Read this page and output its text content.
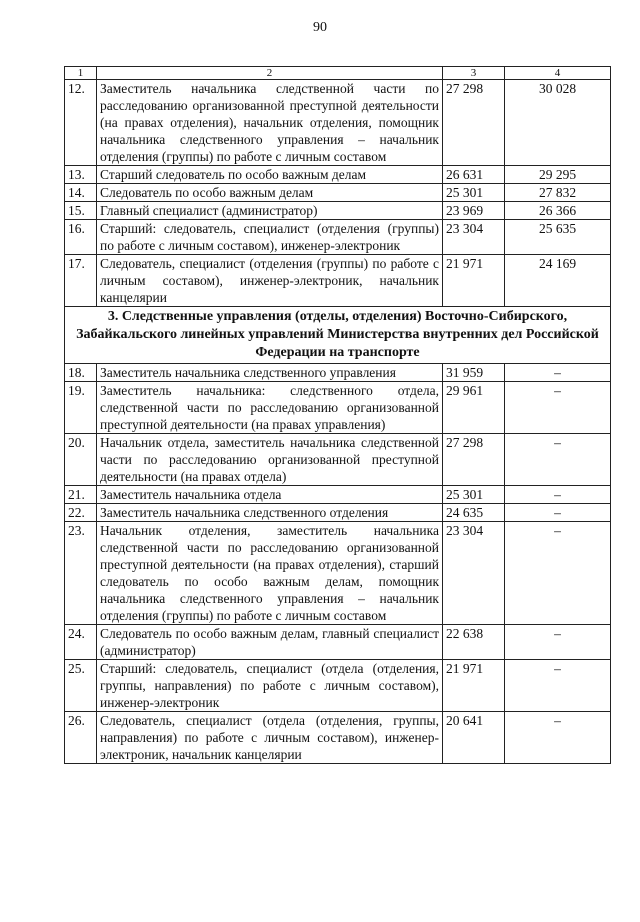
90
1	2	3	4
12.	Заместитель начальника следственной части по расследованию организованной преступной деятельности (на правах отделения), начальник отделения, помощник начальника следственного управления – начальник отделения (группы) по работе с личным составом	27 298	30 028
13.	Старший следователь по особо важным делам	26 631	29 295
14.	Следователь по особо важным делам	25 301	27 832
15.	Главный специалист (администратор)	23 969	26 366
16.	Старший: следователь, специалист (отделения (группы) по работе с личным составом), инженер-электроник	23 304	25 635
17.	Следователь, специалист (отделения (группы) по работе с личным составом), инженер-электроник, начальник канцелярии	21 971	24 169
3. Следственные управления (отделы, отделения) Восточно-Сибирского, Забайкальского линейных управлений Министерства внутренних дел Российской Федерации на транспорте			
18.	Заместитель начальника следственного управления	31 959	–
19.	Заместитель начальника: следственного отдела, следственной части по расследованию организованной преступной деятельности (на правах управления)	29 961	–
20.	Начальник отдела, заместитель начальника следственной части по расследованию организованной преступной деятельности (на правах отдела)	27 298	–
21.	Заместитель начальника отдела	25 301	–
22.	Заместитель начальника следственного отделения	24 635	–
23.	Начальник отделения, заместитель начальника следственной части по расследованию организованной преступной деятельности (на правах отделения), старший следователь по особо важным делам, помощник начальника следственного управления – начальник отделения (группы) по работе с личным составом	23 304	–
24.	Следователь по особо важным делам, главный специалист (администратор)	22 638	–
25.	Старший: следователь, специалист (отдела (отделения, группы, направления) по работе с личным составом), инженер-электроник	21 971	–
26.	Следователь, специалист (отдела (отделения, группы, направления) по работе с личным составом), инженер-электроник, начальник канцелярии	20 641	–
